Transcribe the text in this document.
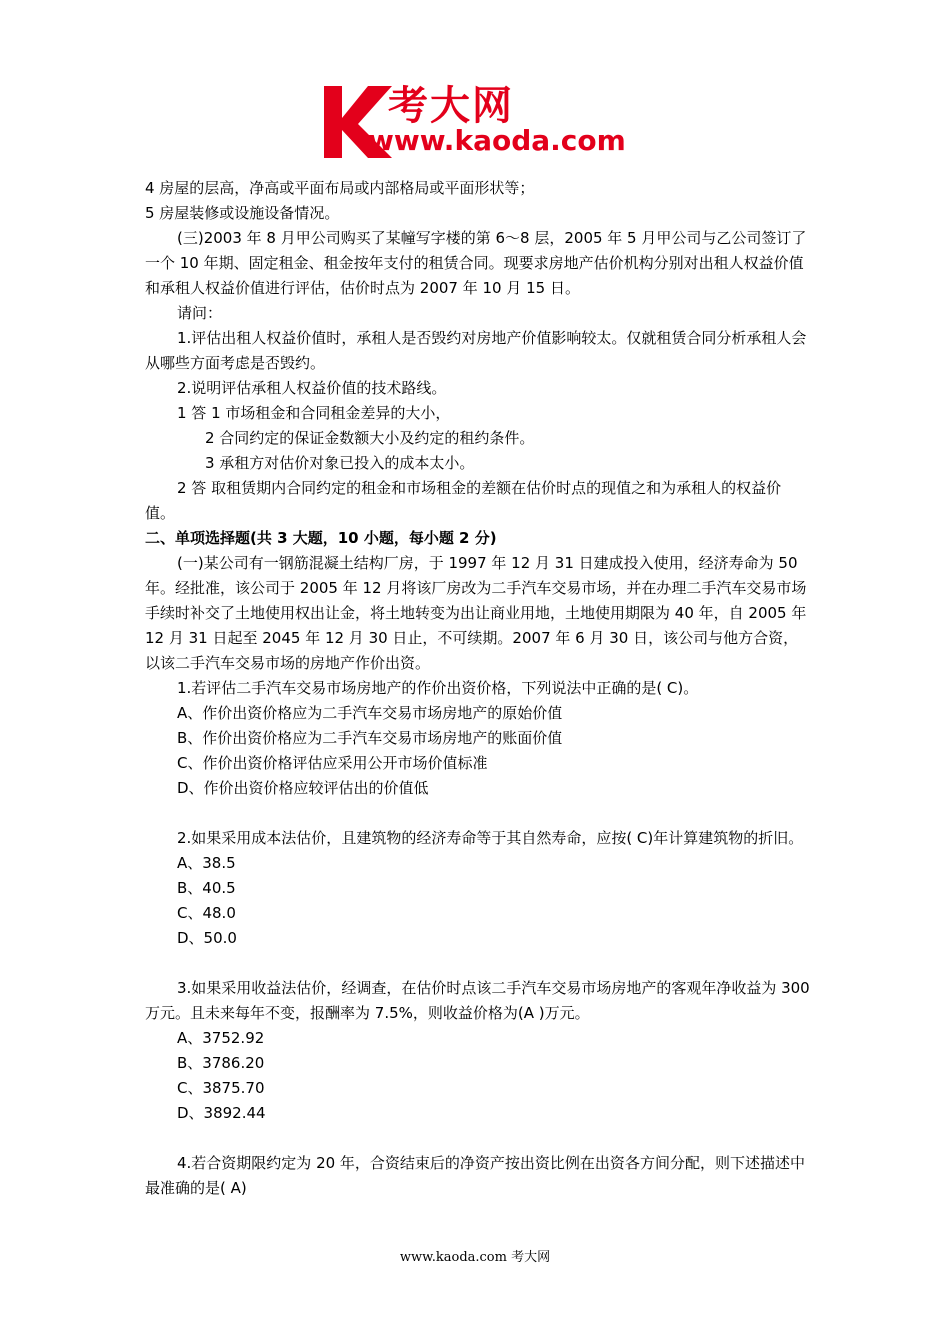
考大网
www.kaoda.com

4 房屋的层高，净高或平面布局或内部格局或平面形状等；

5 房屋装修或设施设备情况。

(三)2003 年 8 月甲公司购买了某幢写字楼的第 6～8 层，2005 年 5 月甲公司与乙公司签订了一个 10 年期、固定租金、租金按年支付的租赁合同。现要求房地产估价机构分别对出租人权益价值和承租人权益价值进行评估，估价时点为 2007 年 10 月 15 日。

请问：

1.评估出租人权益价值时，承租人是否毁约对房地产价值影响较太。仅就租赁合同分析承租人会从哪些方面考虑是否毁约。

2.说明评估承租人权益价值的技术路线。

1 答 1 市场租金和合同租金差异的大小，

2 合同约定的保证金数额大小及约定的租约条件。

3 承租方对估价对象已投入的成本太小。

2 答 取租赁期内合同约定的租金和市场租金的差额在估价时点的现值之和为承租人的权益价值。

二、单项选择题(共 3 大题，10 小题，每小题 2 分)

(一)某公司有一钢筋混凝土结构厂房，于 1997 年 12 月 31 日建成投入使用，经济寿命为 50 年。经批准，该公司于 2005 年 12 月将该厂房改为二手汽车交易市场，并在办理二手汽车交易市场手续时补交了土地使用权出让金，将土地转变为出让商业用地，土地使用期限为 40 年，自 2005 年 12 月 31 日起至 2045 年 12 月 30 日止，不可续期。2007 年 6 月 30 日，该公司与他方合资，以该二手汽车交易市场的房地产作价出资。

1.若评估二手汽车交易市场房地产的作价出资价格，下列说法中正确的是( C)。

A、作价出资价格应为二手汽车交易市场房地产的原始价值

B、作价出资价格应为二手汽车交易市场房地产的账面价值

C、作价出资价格评估应采用公开市场价值标准

D、作价出资价格应较评估出的价值低

2.如果采用成本法估价，且建筑物的经济寿命等于其自然寿命，应按( C)年计算建筑物的折旧。

A、38.5

B、40.5

C、48.0

D、50.0

3.如果采用收益法估价，经调查，在估价时点该二手汽车交易市场房地产的客观年净收益为 300 万元。且未来每年不变，报酬率为 7.5%，则收益价格为(A )万元。

A、3752.92

B、3786.20

C、3875.70

D、3892.44

4.若合资期限约定为 20 年，合资结束后的净资产按出资比例在出资各方间分配，则下述描述中最准确的是( A)

www.kaoda.com 考大网
